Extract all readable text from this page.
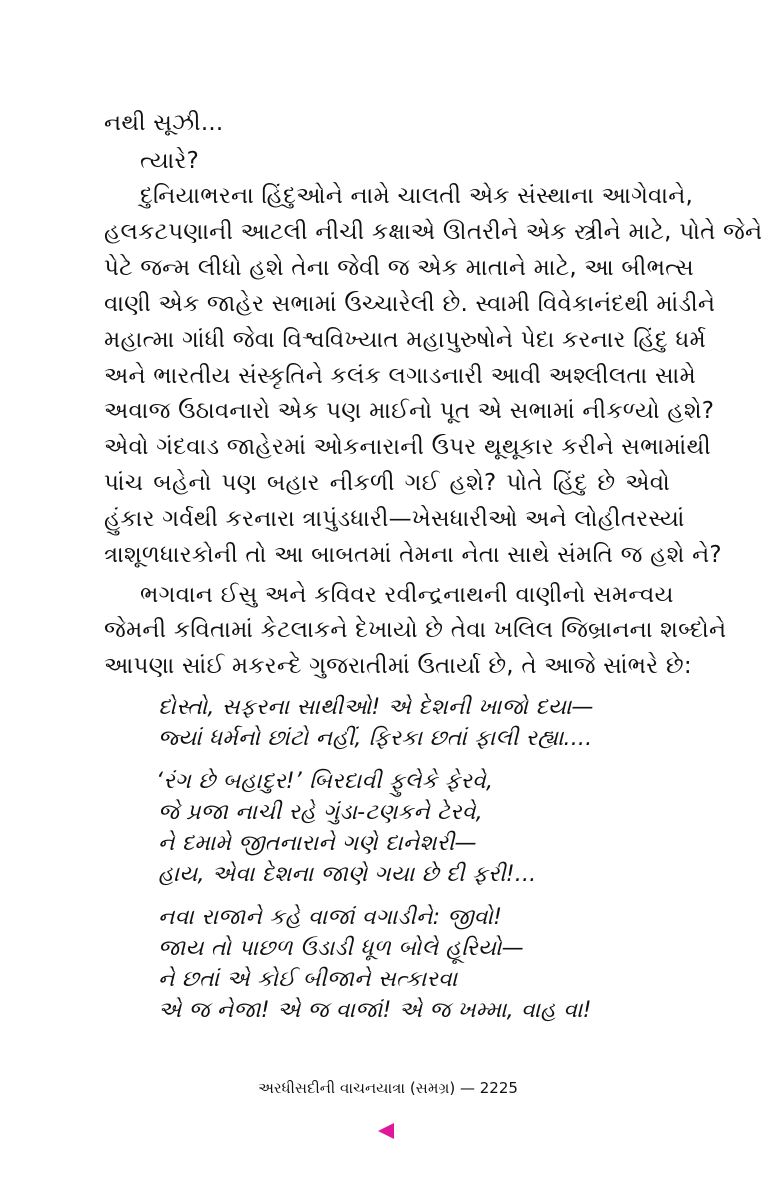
નથી સૂઝી...
ત્યારે?
દુનિયાભરના હિંદુઓને નામે ચાલતી એક સંસ્થાના આગેવાને,
હલકટપણાની આટલી નીચી કક્ષાએ ઊતરીને એક સ્ત્રીને માટે, પોતે જેને
પેટે જન્મ લીધો હશે તેના જેવી જ એક માતાને માટે, આ બીભત્સ
વાણી એક જાહેર સભામાં ઉચ્ચારેલી છે. સ્વામી વિવેકાનંદથી માંડીને
મહાત્મા ગાંધી જેવા વિશ્વવિખ્યાત મહાપુરુષોને પેદા કરનાર હિંદુ ધર્મ
અને ભારતીય સંસ્કૃતિને કલંક લગાડનારી આવી અશ્લીલતા સામે
અવાજ ઉઠાવનારો એક પણ માઈનો પૂત એ સભામાં નીકળ્યો હશે?
એવો ગંદવાડ જાહેરમાં ઓકનારાની ઉપર થૂથૂકાર કરીને સભામાંથી
પાંચ બહેનો પણ બહાર નીકળી ગઈ હશે? પોતે હિંદુ છે એવો
હુંકાર ગર્વથી કરનારા ત્રાપુંડધારી—ખેસધારીઓ અને લોહીતરસ્યાં
ત્રાશૂળધારકોની તો આ બાબતમાં તેમના નેતા સાથે સંમતિ જ હશે ને?
ભગવાન ઈસુ અને કવિવર રવીન્દ્રનાથની વાણીનો સમન્વય
જેમની કવિતામાં કેટલાકને દેખાયો છે તેવા ખલિલ જિબ્રાનના શબ્દોને
આપણા સાંઈ મકરન્દે ગુજરાતીમાં ઉતાર્યા છે, તે આજે સાંભરે છે:
દોસ્તો, સફરના સાથીઓ! એ દેશની ખાજો દયા—
જ્યાં ધર્મનો છાંટો નહીં, ફિરકા છતાં ફાલી રહ્યા....
‘રંગ છે બહાદુર!’ બિરદાવી ફુલેકે ફેરવે,
જે પ્રજા નાચી રહે ગુંડા-ટણકને ટેરવે,
ને દમામે જીતનારાને ગણે દાનેશરી—
હાય, એવા દેશના જાણે ગયા છે દી ફરી!...
નવા રાજાને કહે વાજાં વગાડીને: જીવો!
જાય તો પાછળ ઉડાડી ધૂળ બોલે હૂરિયો—
ને છતાં એ કોઈ બીજાને સત્કારવા
એ જ નેજા! એ જ વાજાં! એ જ ખમ્મા, વાહ વા!
અરધીસદીની વાચનયાત્રા (સમગ્ર) — 2225
